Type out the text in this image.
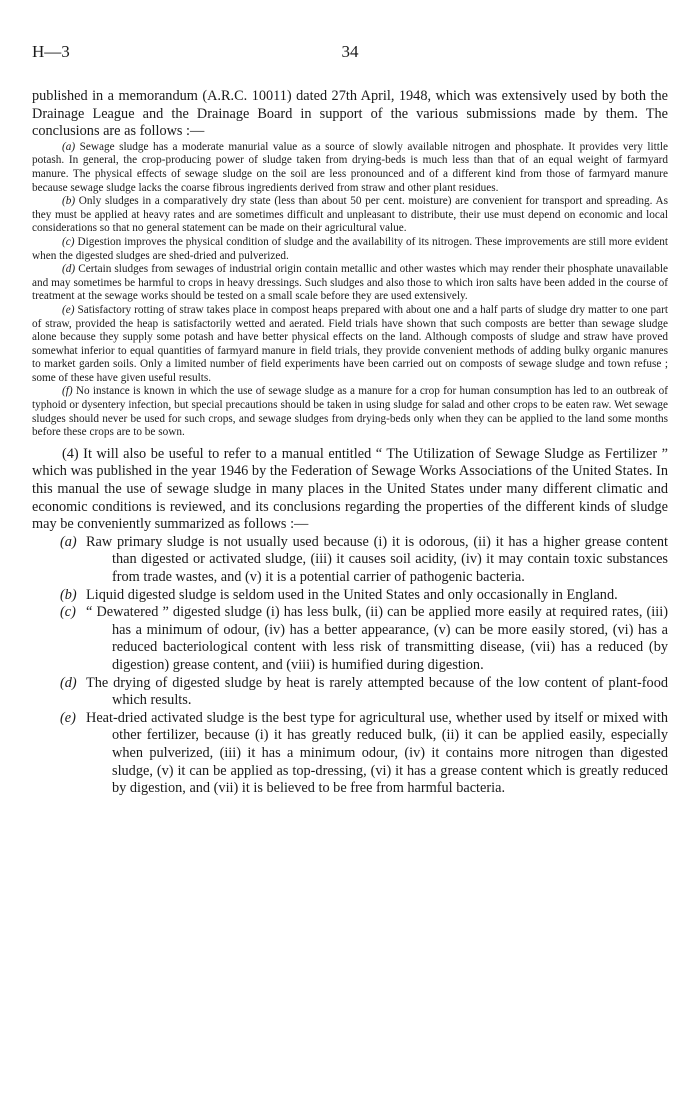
H—3	34

published in a memorandum (A.R.C. 10011) dated 27th April, 1948, which was extensively used by both the Drainage League and the Drainage Board in support of the various submissions made by them. The conclusions are as follows :—

(a) Sewage sludge has a moderate manurial value as a source of slowly available nitrogen and phosphate. It provides very little potash. In general, the crop-producing power of sludge taken from drying-beds is much less than that of an equal weight of farmyard manure. The physical effects of sewage sludge on the soil are less pronounced and of a different kind from those of farmyard manure because sewage sludge lacks the coarse fibrous ingredients derived from straw and other plant residues.

(b) Only sludges in a comparatively dry state (less than about 50 per cent. moisture) are convenient for transport and spreading. As they must be applied at heavy rates and are sometimes difficult and unpleasant to distribute, their use must depend on economic and local considerations so that no general statement can be made on their agricultural value.

(c) Digestion improves the physical condition of sludge and the availability of its nitrogen. These improvements are still more evident when the digested sludges are shed-dried and pulverized.

(d) Certain sludges from sewages of industrial origin contain metallic and other wastes which may render their phosphate unavailable and may sometimes be harmful to crops in heavy dressings. Such sludges and also those to which iron salts have been added in the course of treatment at the sewage works should be tested on a small scale before they are used extensively.

(e) Satisfactory rotting of straw takes place in compost heaps prepared with about one and a half parts of sludge dry matter to one part of straw, provided the heap is satisfactorily wetted and aerated. Field trials have shown that such composts are better than sewage sludge alone because they supply some potash and have better physical effects on the land. Although composts of sludge and straw have proved somewhat inferior to equal quantities of farmyard manure in field trials, they provide convenient methods of adding bulky organic manures to market garden soils. Only a limited number of field experiments have been carried out on composts of sewage sludge and town refuse ; some of these have given useful results.

(f) No instance is known in which the use of sewage sludge as a manure for a crop for human consumption has led to an outbreak of typhoid or dysentery infection, but special precautions should be taken in using sludge for salad and other crops to be eaten raw. Wet sewage sludges should never be used for such crops, and sewage sludges from drying-beds only when they can be applied to the land some months before these crops are to be sown.

(4) It will also be useful to refer to a manual entitled “ The Utilization of Sewage Sludge as Fertilizer ” which was published in the year 1946 by the Federation of Sewage Works Associations of the United States. In this manual the use of sewage sludge in many places in the United States under many different climatic and economic conditions is reviewed, and its conclusions regarding the properties of the different kinds of sludge may be conveniently summarized as follows :—

(a) Raw primary sludge is not usually used because (i) it is odorous, (ii) it has a higher grease content than digested or activated sludge, (iii) it causes soil acidity, (iv) it may contain toxic substances from trade wastes, and (v) it is a potential carrier of pathogenic bacteria.
(b) Liquid digested sludge is seldom used in the United States and only occasionally in England.
(c) “ Dewatered ” digested sludge (i) has less bulk, (ii) can be applied more easily at required rates, (iii) has a minimum of odour, (iv) has a better appearance, (v) can be more easily stored, (vi) has a reduced bacteriological content with less risk of transmitting disease, (vii) has a reduced (by digestion) grease content, and (viii) is humified during digestion.
(d) The drying of digested sludge by heat is rarely attempted because of the low content of plant-food which results.
(e) Heat-dried activated sludge is the best type for agricultural use, whether used by itself or mixed with other fertilizer, because (i) it has greatly reduced bulk, (ii) it can be applied easily, especially when pulverized, (iii) it has a minimum odour, (iv) it contains more nitrogen than digested sludge, (v) it can be applied as top-dressing, (vi) it has a grease content which is greatly reduced by digestion, and (vii) it is believed to be free from harmful bacteria.
